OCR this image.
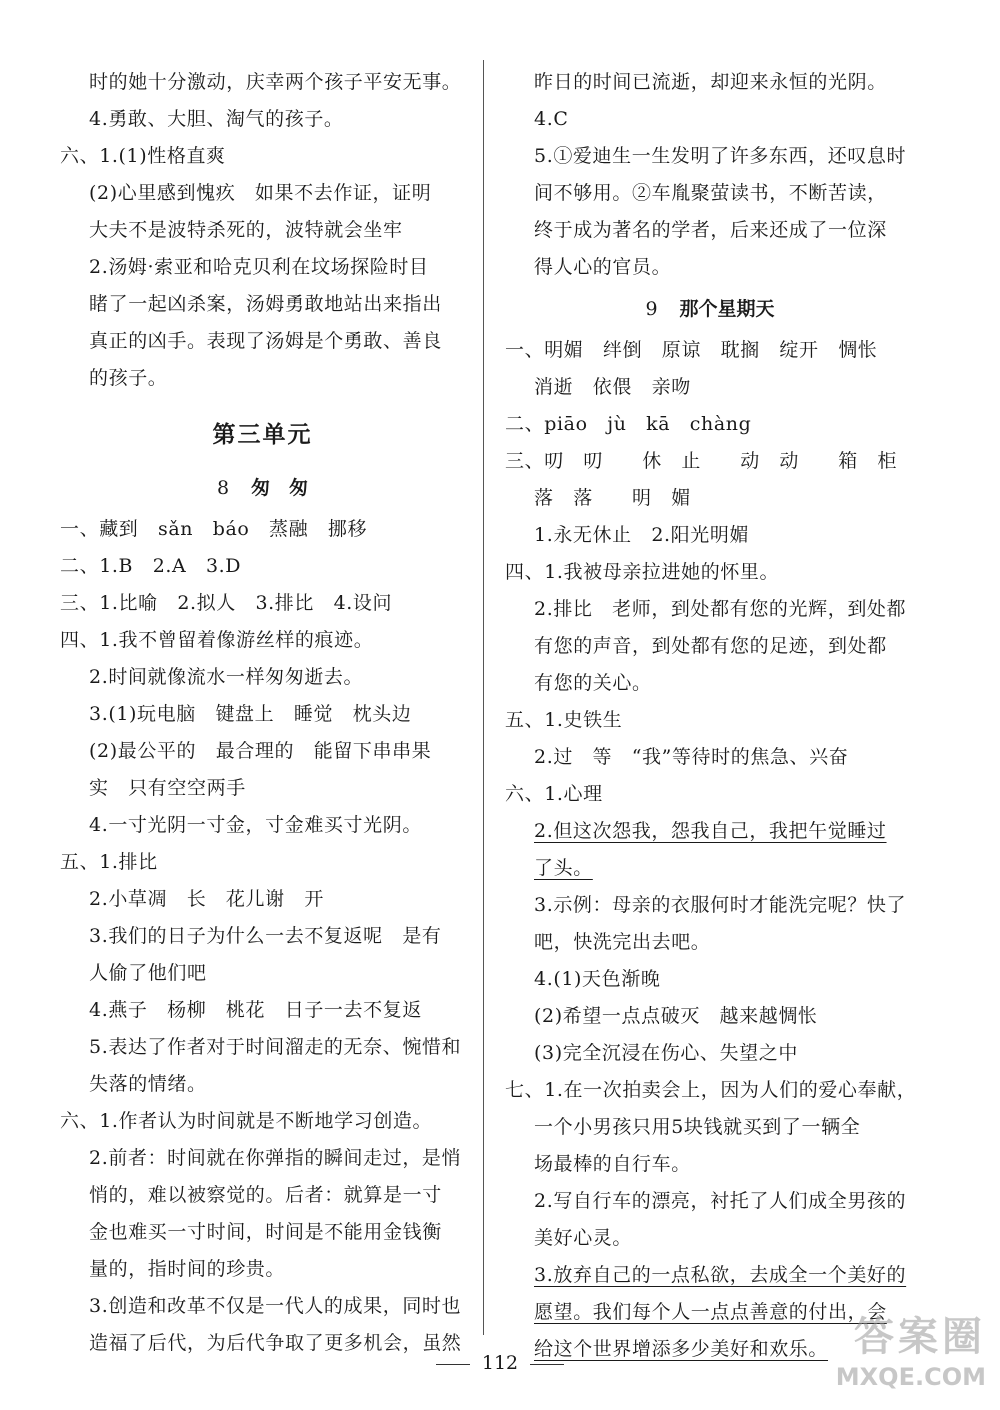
时的她十分激动，庆幸两个孩子平安无事。
4.勇敢、大胆、淘气的孩子。
六、1.(1)性格直爽
(2)心里感到愧疚　如果不去作证，证明
大夫不是波特杀死的，波特就会坐牢
2.汤姆·索亚和哈克贝利在坟场探险时目
睹了一起凶杀案，汤姆勇敢地站出来指出
真正的凶手。表现了汤姆是个勇敢、善良
的孩子。
第三单元
8 匆　匆
一、藏到　sǎn　báo　蒸融　挪移
二、1.B　2.A　3.D
三、1.比喻　2.拟人　3.排比　4.设问
四、1.我不曾留着像游丝样的痕迹。
2.时间就像流水一样匆匆逝去。
3.(1)玩电脑　键盘上　睡觉　枕头边
(2)最公平的　最合理的　能留下串串果
实　只有空空两手
4.一寸光阴一寸金，寸金难买寸光阴。
五、1.排比
2.小草凋　长　花儿谢　开
3.我们的日子为什么一去不复返呢　是有
人偷了他们吧
4.燕子　杨柳　桃花　日子一去不复返
5.表达了作者对于时间溜走的无奈、惋惜和
失落的情绪。
六、1.作者认为时间就是不断地学习创造。
2.前者：时间就在你弹指的瞬间走过，是悄
悄的，难以被察觉的。后者：就算是一寸
金也难买一寸时间，时间是不能用金钱衡
量的，指时间的珍贵。
3.创造和改革不仅是一代人的成果，同时也
造福了后代，为后代争取了更多机会，虽然
昨日的时间已流逝，却迎来永恒的光阴。
4.C
5.①爱迪生一生发明了许多东西，还叹息时
间不够用。②车胤聚萤读书，不断苦读，
终于成为著名的学者，后来还成了一位深
得人心的官员。
9 那个星期天
一、明媚　绊倒　原谅　耽搁　绽开　惆怅
消逝　依偎　亲吻
二、piāo　jù　kā　chàng
三、叨　叨　　休　止　　动　动　　箱　柜
落　落　　明　媚
1.永无休止　2.阳光明媚
四、1.我被母亲拉进她的怀里。
2.排比　老师，到处都有您的光辉，到处都
有您的声音，到处都有您的足迹，到处都
有您的关心。
五、1.史铁生
2.过　等　“我”等待时的焦急、兴奋
六、1.心理
2.但这次怨我，怨我自己，我把午觉睡过
了头。
3.示例：母亲的衣服何时才能洗完呢？快了
吧，快洗完出去吧。
4.(1)天色渐晚
(2)希望一点点破灭　越来越惆怅
(3)完全沉浸在伤心、失望之中
七、1.在一次拍卖会上，因为人们的爱心奉献，
一个小男孩只用5块钱就买到了一辆全
场最棒的自行车。
2.写自行车的漂亮，衬托了人们成全男孩的
美好心灵。
3.放弃自己的一点私欲，去成全一个美好的
愿望。我们每个人一点点善意的付出，会
给这个世界增添多少美好和欢乐。
112
答案圈
MXQE.COM
